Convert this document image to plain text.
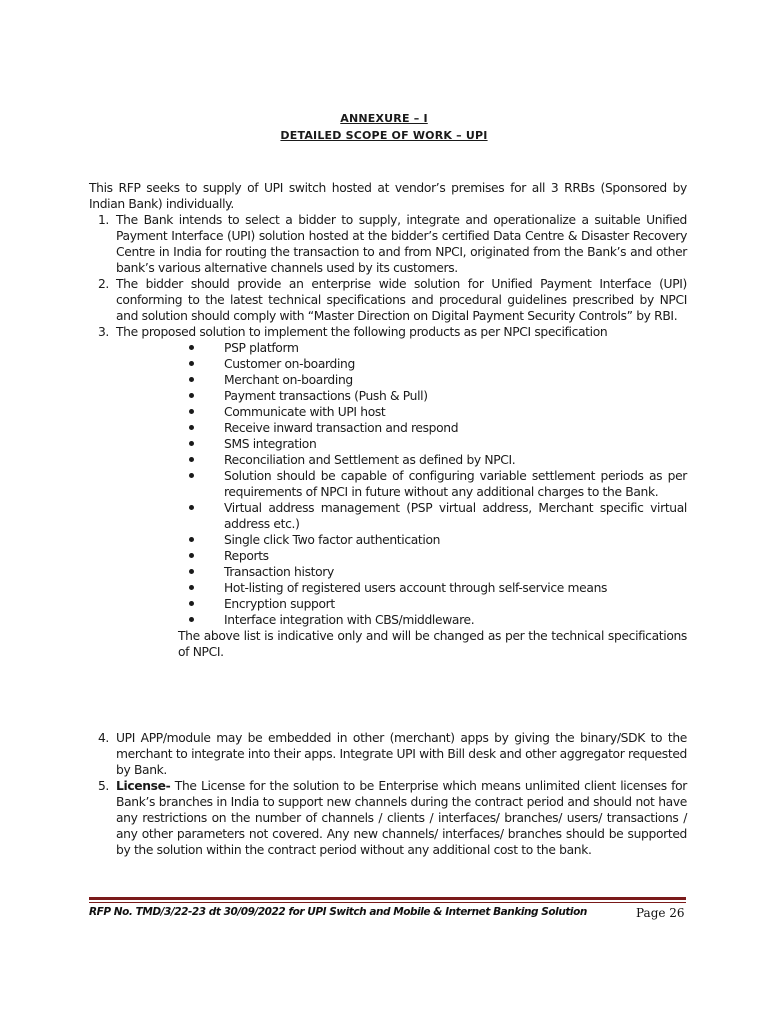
ANNEXURE – I
DETAILED SCOPE OF WORK – UPI
This RFP seeks to supply of UPI switch hosted at vendor’s premises for all 3 RRBs (Sponsored by Indian Bank) individually.
1. The Bank intends to select a bidder to supply, integrate and operationalize a suitable Unified Payment Interface (UPI) solution hosted at the bidder’s certified Data Centre & Disaster Recovery Centre in India for routing the transaction to and from NPCI, originated from the Bank’s and other bank’s various alternative channels used by its customers.
2. The bidder should provide an enterprise wide solution for Unified Payment Interface (UPI) conforming to the latest technical specifications and procedural guidelines prescribed by NPCI and solution should comply with “Master Direction on Digital Payment Security Controls” by RBI.
3. The proposed solution to implement the following products as per NPCI specification
PSP platform
Customer on-boarding
Merchant on-boarding
Payment transactions (Push & Pull)
Communicate with UPI host
Receive inward transaction and respond
SMS integration
Reconciliation and Settlement as defined by NPCI.
Solution should be capable of configuring variable settlement periods as per requirements of NPCI in future without any additional charges to the Bank.
Virtual address management (PSP virtual address, Merchant specific virtual address etc.)
Single click Two factor authentication
Reports
Transaction history
Hot-listing of registered users account through self-service means
Encryption support
Interface integration with CBS/middleware.
The above list is indicative only and will be changed as per the technical specifications of NPCI.
4. UPI APP/module may be embedded in other (merchant) apps by giving the binary/SDK to the merchant to integrate into their apps. Integrate UPI with Bill desk and other aggregator requested by Bank.
5. License- The License for the solution to be Enterprise which means unlimited client licenses for Bank’s branches in India to support new channels during the contract period and should not have any restrictions on the number of channels / clients / interfaces/ branches/ users/ transactions / any other parameters not covered. Any new channels/ interfaces/ branches should be supported by the solution within the contract period without any additional cost to the bank.
RFP No. TMD/3/22-23 dt 30/09/2022 for UPI Switch and Mobile & Internet Banking Solution	Page 26
